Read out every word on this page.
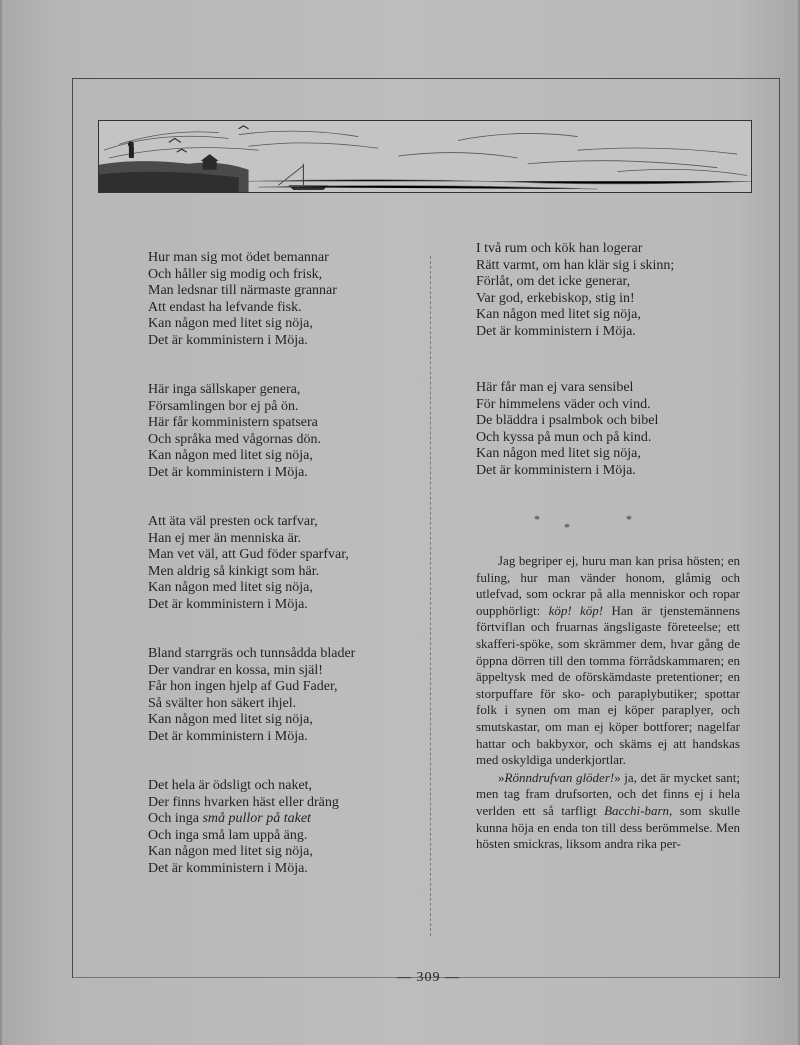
Hur man sig mot ödet bemannar
Och håller sig modig och frisk,
Man ledsnar till närmaste grannar
Att endast ha lefvande fisk.
Kan någon med litet sig nöja,
Det är komministern i Möja.
Här inga sällskaper genera,
Församlingen bor ej på ön.
Här får komministern spatsera
Och språka med vågornas dön.
Kan någon med litet sig nöja,
Det är komministern i Möja.
Att äta väl presten ock tarfvar,
Han ej mer än menniska är.
Man vet väl, att Gud föder sparfvar,
Men aldrig så kinkigt som här.
Kan någon med litet sig nöja,
Det är komministern i Möja.
Bland starrgräs och tunnsådda blader
Der vandrar en kossa, min själ!
Får hon ingen hjelp af Gud Fader,
Så svälter hon säkert ihjel.
Kan någon med litet sig nöja,
Det är komministern i Möja.
Det hela är ödsligt och naket,
Der finns hvarken häst eller dräng
Och inga små pullor på taket
Och inga små lam uppå äng.
Kan någon med litet sig nöja,
Det är komministern i Möja.
I två rum och kök han logerar
Rätt varmt, om han klär sig i skinn;
Förlåt, om det icke generar,
Var god, erkebiskop, stig in!
Kan någon med litet sig nöja,
Det är komministern i Möja.
Här får man ej vara sensibel
För himmelens väder och vind.
De bläddra i psalmbok och bibel
Och kyssa på mun och på kind.
Kan någon med litet sig nöja,
Det är komministern i Möja.
*
*
*

Jag begriper ej, huru man kan prisa hösten; en fuling, hur man vänder honom, glåmig och utlefvad, som ockrar på alla menniskor och ropar oupphörligt: köp! köp! Han är tjenstemännens förtviflan och fruarnas ängsligaste företeelse; ett skafferi-spöke, som skrämmer dem, hvar gång de öppna dörren till den tomma förrådskammaren; en äppeltysk med de oförskämdaste pretentioner; en storpuffare för sko- och paraplybutiker; spottar folk i synen om man ej köper paraplyer, och smutskastar, om man ej köper bottforer; nagelfar hattar och bakbyxor, och skäms ej att handskas med oskyldiga underkjortlar.

»Rönndrufvan glöder!» ja, det är mycket sant; men tag fram drufsorten, och det finns ej i hela verlden ett så tarfligt Bacchi-barn, som skulle kunna höja en enda ton till dess berömmelse. Men hösten smickras, liksom andra rika per-

— 309 —
